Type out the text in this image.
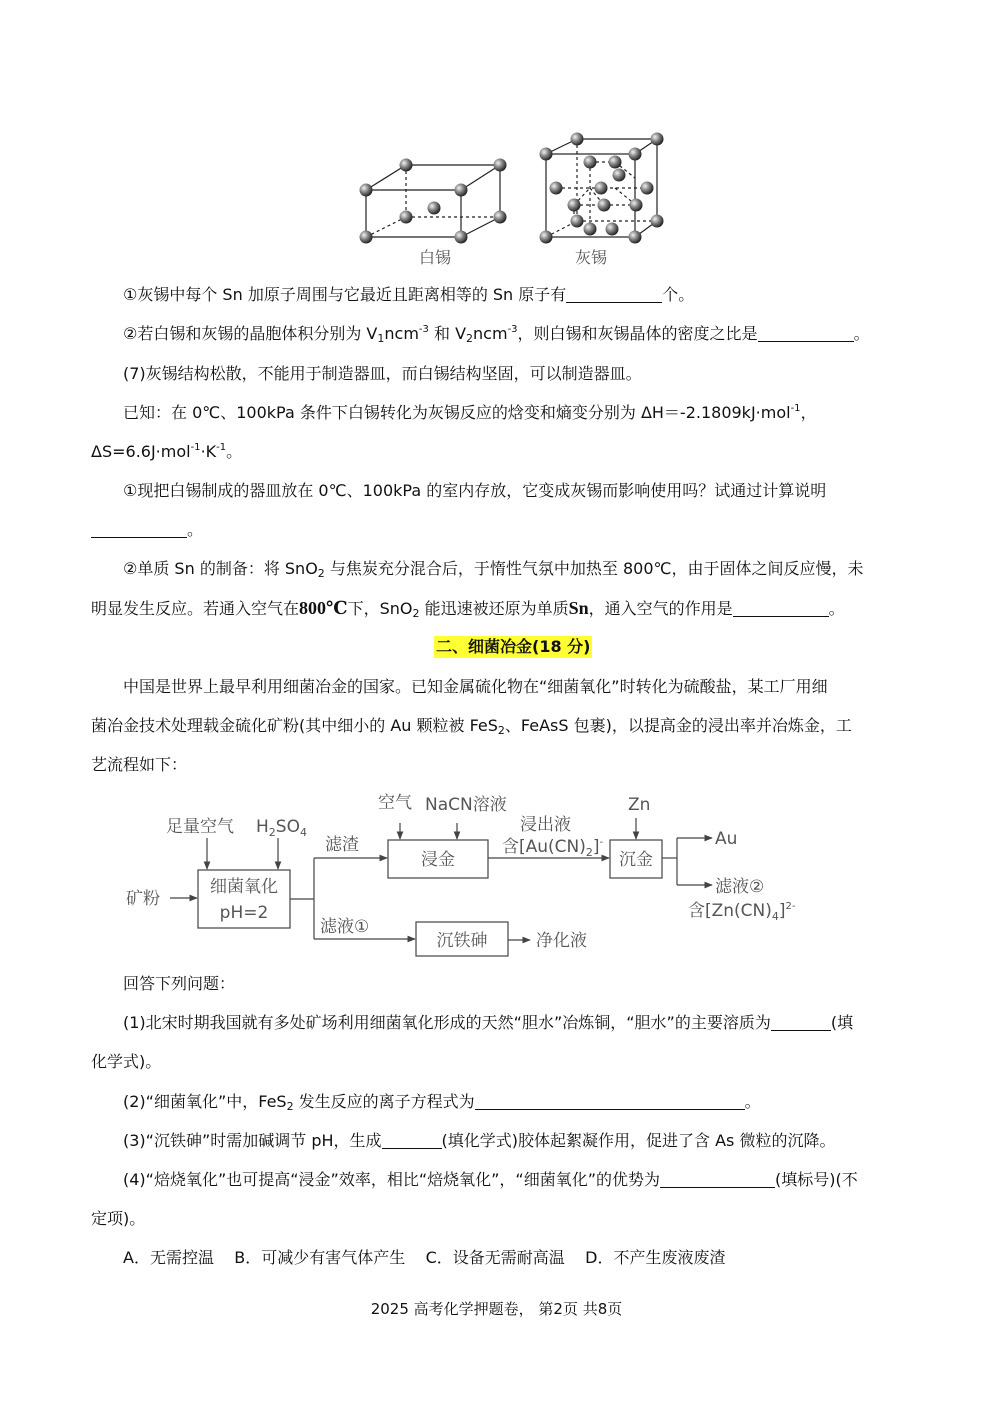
白锡	灰锡
①灰锡中每个 Sn 加原子周围与它最近且距离相等的 Sn 原子有	个。
②若白锡和灰锡的晶胞体积分别为 $V_1ncm^{-3}$ 和 $V_2ncm^{-3}$，则白锡和灰锡晶体的密度之比是	。
(7)灰锡结构松散，不能用于制造器皿，而白锡结构坚固，可以制造器皿。
已知：在 0℃、100kPa 条件下白锡转化为灰锡反应的焓变和熵变分别为 ΔH＝-2.1809kJ·mol$^{-1}$，
$\Delta S=6.6J\cdot mol^{-1}\cdot K^{-1}$。
①现把白锡制成的器皿放在 0℃、100kPa 的室内存放，它变成灰锡而影响使用吗？试通过计算说明
。
②单质 Sn 的制备：将 SnO$_2$ 与焦炭充分混合后，于惰性气氛中加热至 800℃，由于固体之间反应慢，未
明显发生反应。若通入空气在800℃下，SnO$_2$ 能迅速被还原为单质Sn，通入空气的作用是	。
二、细菌冶金(18 分)
中国是世界上最早利用细菌冶金的国家。已知金属硫化物在“细菌氧化”时转化为硫酸盐，某工厂用细
菌冶金技术处理载金硫化矿粉(其中细小的 Au 颗粒被 FeS$_2$、FeAsS 包裹)，以提高金的浸出率并冶炼金，工
艺流程如下：
矿粉
足量空气 $H_2SO_4$
细菌氧化
pH=2
滤渣
滤液①
空气 NaCN溶液
浸金
浸出液
含$[Au(CN)_2]^-$
Zn
沉金
Au
滤液②
含$[Zn(CN)_4]^{2-}$
沉铁砷	净化液
回答下列问题：
(1)北宋时期我国就有多处矿场利用细菌氧化形成的天然“胆水”冶炼铜，“胆水”的主要溶质为	(填
化学式)。
(2)“细菌氧化”中，FeS$_2$ 发生反应的离子方程式为	。
(3)“沉铁砷”时需加碱调节 pH，生成	(填化学式)胶体起絮凝作用，促进了含 As 微粒的沉降。
(4)“焙烧氧化”也可提高“浸金”效率，相比“焙烧氧化”，“细菌氧化”的优势为	(填标号)(不
定项)。
A．无需控温    B．可减少有害气体产生    C．设备无需耐高温    D．不产生废液废渣
2025 高考化学押题卷， 第2页 共8页
